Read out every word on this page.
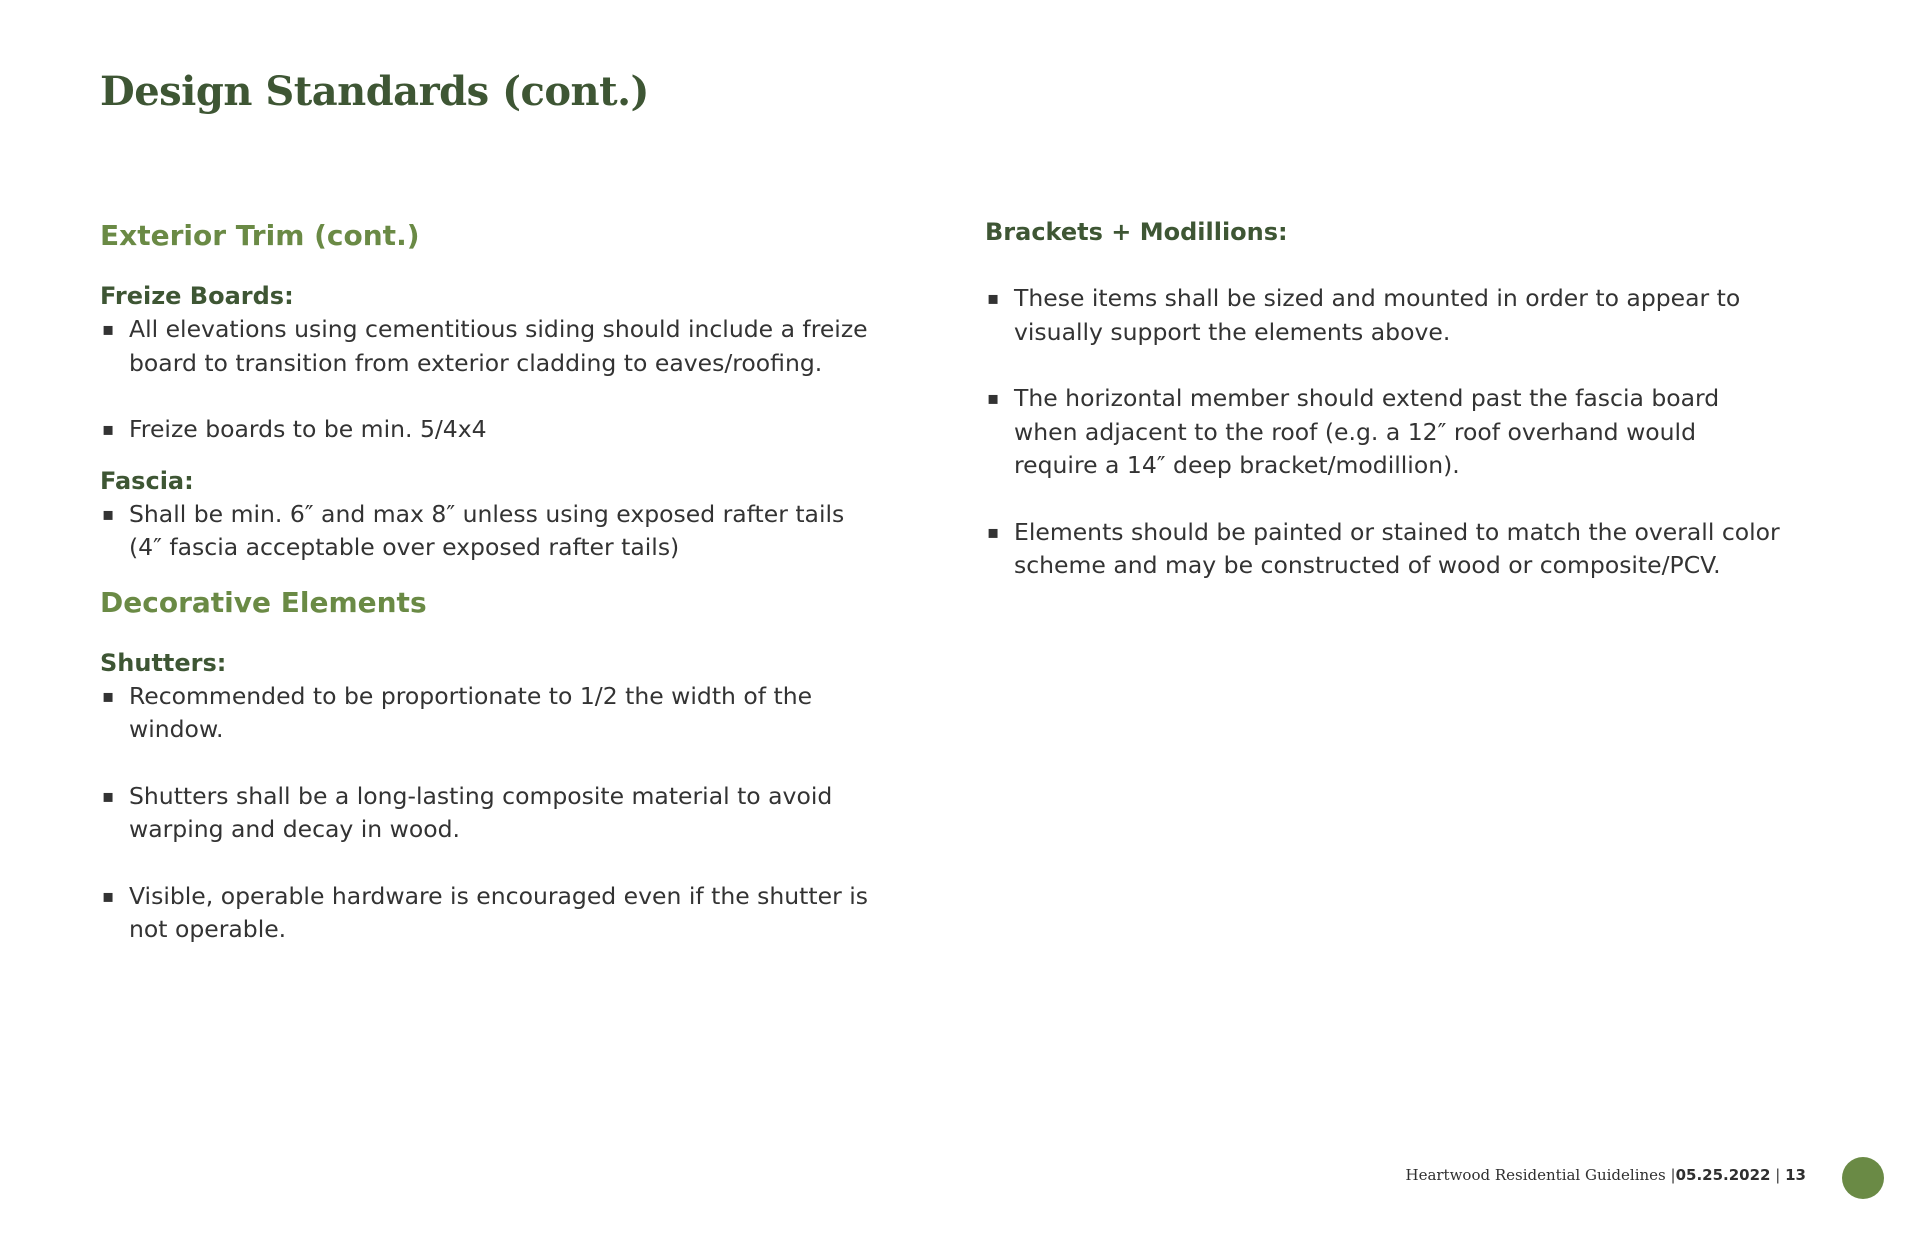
Design Standards (cont.)
Exterior Trim (cont.)
Freize Boards:
▪ All elevations using cementitious siding should include a freize board to transition from exterior cladding to eaves/roofing.
▪ Freize boards to be min. 5/4x4
Fascia:
▪ Shall be min. 6″ and max 8″ unless using exposed rafter tails (4″ fascia acceptable over exposed rafter tails)
Decorative Elements
Shutters:
▪ Recommended to be proportionate to 1/2 the width of the window.
▪ Shutters shall be a long-lasting composite material to avoid warping and decay in wood.
▪ Visible, operable hardware is encouraged even if the shutter is not operable.
Brackets + Modillions:
▪ These items shall be sized and mounted in order to appear to visually support the elements above.
▪ The horizontal member should extend past the fascia board when adjacent to the roof (e.g. a 12″ roof overhand would require a 14″ deep bracket/modillion).
▪ Elements should be painted or stained to match the overall color scheme and may be constructed of wood or composite/PCV.
Heartwood Residential Guidelines |05.25.2022 | 13
